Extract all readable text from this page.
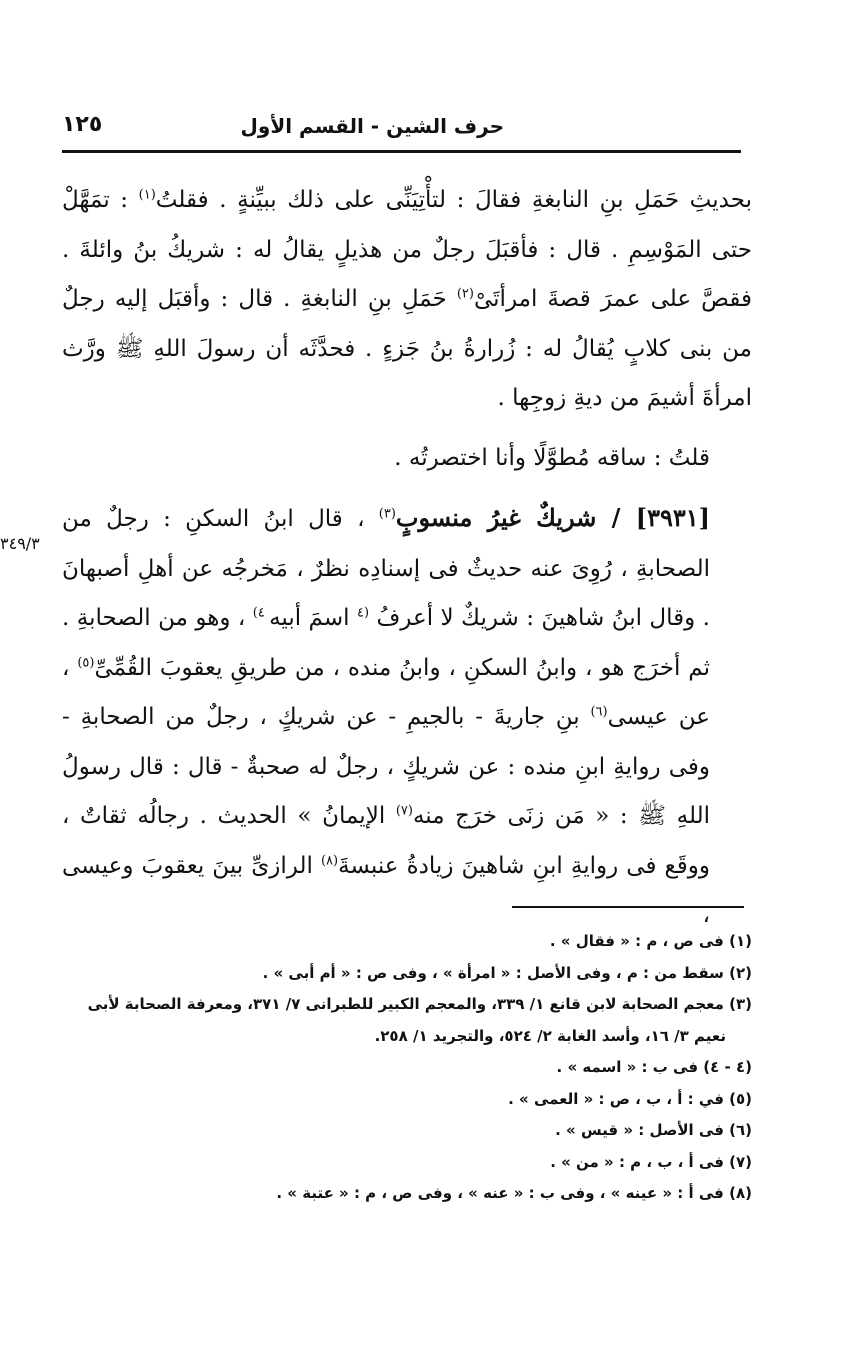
حرف الشين - القسم الأول
١٢٥
٣٤٩/٣

بحديثِ حَمَلِ بنِ النابغةِ فقالَ : لتأْتِيَنِّى على ذلك ببيِّنةٍ . فقلتُ$^{(١)}$ : تمَهَّلْ حتى المَوْسِمِ . قال : فأقبَلَ رجلٌ من هذيلٍ يقالُ له : شريكُ بنُ وائلةَ . فقصَّ على عمرَ قصةَ امرأتَىْ$^{(٢)}$ حَمَلِ بنِ النابغةِ . قال : وأقبَل إليه رجلٌ من بنى كلابٍ يُقالُ له : زُرارةُ بنُ جَزءٍ . فحدَّثَه أن رسولَ اللهِ ﷺ ورَّث امرأةَ أشيمَ من ديةِ زوجِها .

قلتُ : ساقه مُطوَّلًا وأنا اختصرتُه .

[٣٩٣١] / شريكٌ غيرُ منسوبٍ$^{(٣)}$ ، قال ابنُ السكنِ : رجلٌ من الصحابةِ ، رُوِىَ عنه حديثٌ فى إسنادِه نظرٌ ، مَخرجُه عن أهلِ أصبهانَ . وقال ابنُ شاهينَ : شريكٌ لا أعرفُ $^{(٤}$ اسمَ أبيه $^{٤)}$ ، وهو من الصحابةِ . ثم أخرَج هو ، وابنُ السكنِ ، وابنُ منده ، من طريقِ يعقوبَ القُمِّىِّ$^{(٥)}$ ، عن عيسى$^{(٦)}$ بنِ جاريةَ - بالجيمِ - عن شريكٍ ، رجلٌ من الصحابةِ - وفى روايةِ ابنِ منده : عن شريكٍ ، رجلٌ له صحبةٌ - قال : قال رسولُ اللهِ ﷺ : « مَن زنَى خرَج منه$^{(٧)}$ الإيمانُ » الحديث . رجالُه ثقاتٌ ، ووقَع فى روايةِ ابنِ شاهينَ زيادةُ عنبسةَ$^{(٨)}$ الرازىِّ بينَ يعقوبَ وعيسى ،

(١) فى ص ، م : « فقال » .

(٢) سقط من : م ، وفى الأصل : « امرأة » ، وفى ص : « أم أبى » .

(٣) معجم الصحابة لابن قانع ١/ ٣٣٩، والمعجم الكبير للطبرانى ٧/ ٣٧١، ومعرفة الصحابة لأبى
نعيم ٣/ ١٦، وأسد الغابة ٢/ ٥٢٤، والتجريد ١/ ٢٥٨.

(٤ - ٤) فى ب : « اسمه » .

(٥) في : أ ، ب ، ص : « العمى » .

(٦) فى الأصل : « قيس » .

(٧) فى أ ، ب ، م : « من » .

(٨) فى أ : « عينه » ، وفى ب : « عنه » ، وفى ص ، م : « عتبة » .
